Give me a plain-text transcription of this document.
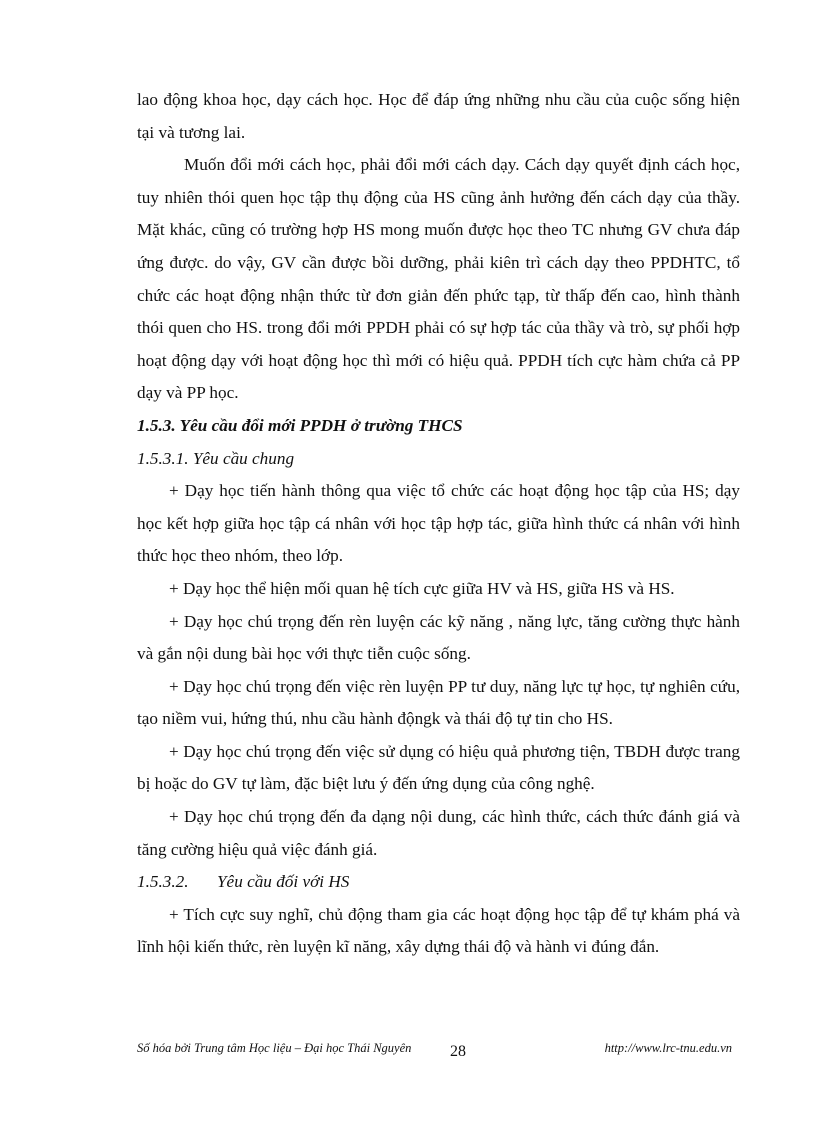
lao động khoa học, dạy cách học. Học để đáp ứng những nhu cầu của cuộc sống hiện tại và tương lai.

Muốn đổi mới cách học, phải đổi mới cách dạy. Cách dạy quyết định cách học, tuy nhiên thói quen học tập thụ động của HS cũng ảnh hưởng đến cách dạy của thầy. Mặt khác, cũng có trường hợp HS mong muốn được học theo TC nhưng GV chưa đáp ứng được. do vậy, GV cần được bồi dưỡng, phải kiên trì cách dạy theo PPDHTC, tổ chức các hoạt động nhận thức từ đơn giản đến phức tạp, từ thấp đến cao, hình thành thói quen cho HS. trong đổi mới PPDH phải có sự hợp tác của thầy và trò, sự phối hợp hoạt động dạy với hoạt động học thì mới có hiệu quả. PPDH tích cực hàm chứa cả PP dạy và PP học.

1.5.3. Yêu cầu đổi mới PPDH ở trường THCS

1.5.3.1. Yêu cầu chung

+ Dạy học tiến hành thông qua việc tổ chức các hoạt động học tập của HS; dạy học kết hợp giữa học tập cá nhân với học tập hợp tác, giữa hình thức cá nhân với hình thức học theo nhóm, theo lớp.

+ Dạy học thể hiện mối quan hệ tích cực giữa HV và HS, giữa HS và HS.

+ Dạy học chú trọng đến rèn luyện các kỹ năng , năng lực, tăng cường thực hành và gắn nội dung bài học với thực tiễn cuộc sống.

+ Dạy học chú trọng đến việc rèn luyện PP tư duy, năng lực tự học, tự nghiên cứu, tạo niềm vui, hứng thú, nhu cầu hành độngk và thái độ tự tin cho HS.

+ Dạy học chú trọng đến việc sử dụng có hiệu quả phương tiện, TBDH được trang bị hoặc do GV tự làm, đặc biệt lưu ý đến ứng dụng của công nghệ.

+ Dạy học chú trọng đến đa dạng nội dung, các hình thức, cách thức đánh giá và tăng cường hiệu quả việc đánh giá.

1.5.3.2. Yêu cầu đối với HS

+ Tích cực suy nghĩ, chủ động tham gia các hoạt động học tập để tự khám phá và lĩnh hội kiến thức, rèn luyện kĩ năng, xây dựng thái độ và hành vi đúng đắn.

Số hóa bởi Trung tâm Học liệu – Đại học Thái Nguyên 28	http://www.lrc-tnu.edu.vn
